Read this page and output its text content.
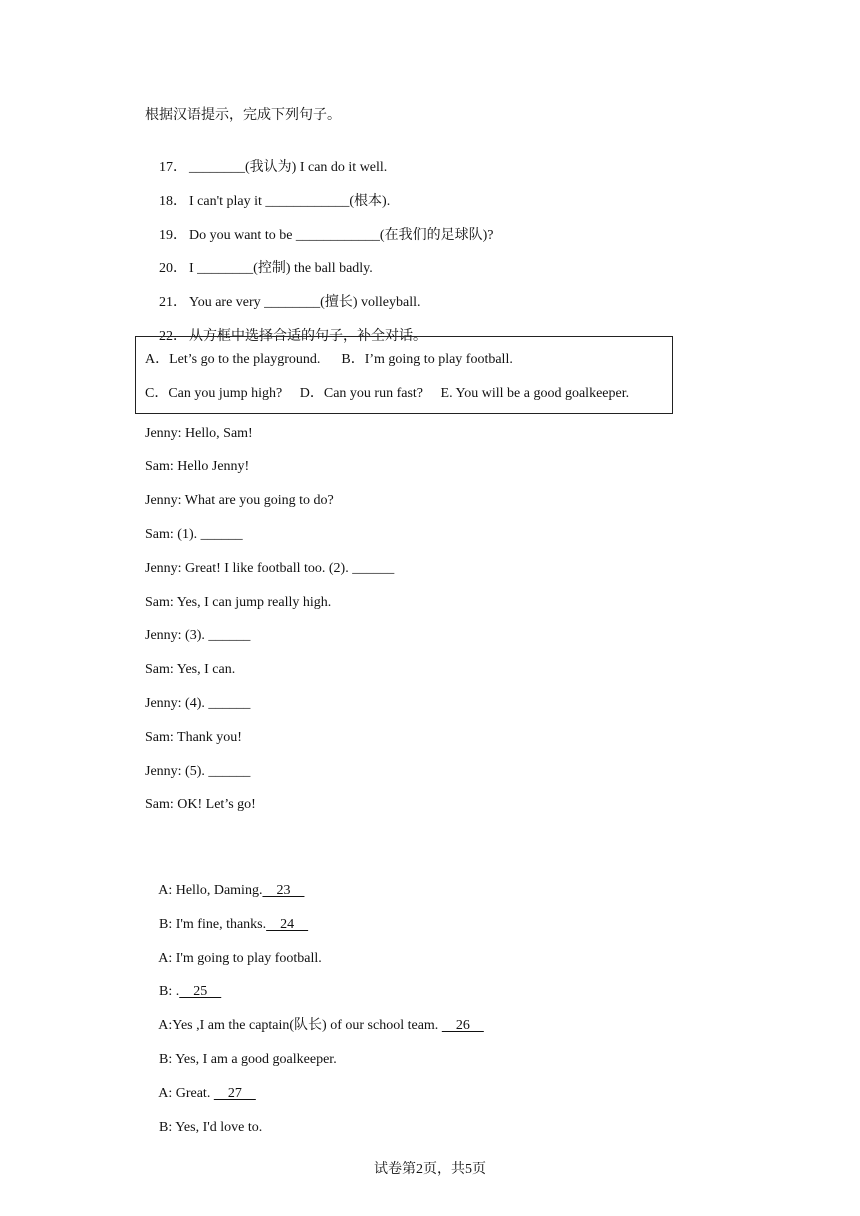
根据汉语提示，完成下列句子。

17． ________(我认为) I can do it well.

18． I can't play it ____________(根本).

19． Do you want to be ____________(在我们的足球队)?

20． I ________(控制) the ball badly.

21． You are very ________(擅长) volleyball.

22． 从方框中选择合适的句子，补全对话。

A．Let’s go to the playground.      B．I’m going to play football.
C．Can you jump high?     D．Can you run fast?     E. You will be a good goalkeeper.
Jenny: Hello, Sam!
Sam: Hello Jenny!
Jenny: What are you going to do?
Sam: (1). ______
Jenny: Great! I like football too. (2). ______
Sam: Yes, I can jump really high.
Jenny: (3). ______
Sam: Yes, I can.
Jenny: (4). ______
Sam: Thank you!
Jenny: (5). ______
Sam: OK! Let’s go!

A: Hello, Daming.    23

B: I'm fine, thanks.    24

A: I'm going to play football.

B: .    25

A:Yes ,I am the captain(队长) of our school team.     26

B: Yes, I am a good goalkeeper.

A: Great.     27

B: Yes, I'd love to.

试卷第2页，共5页
